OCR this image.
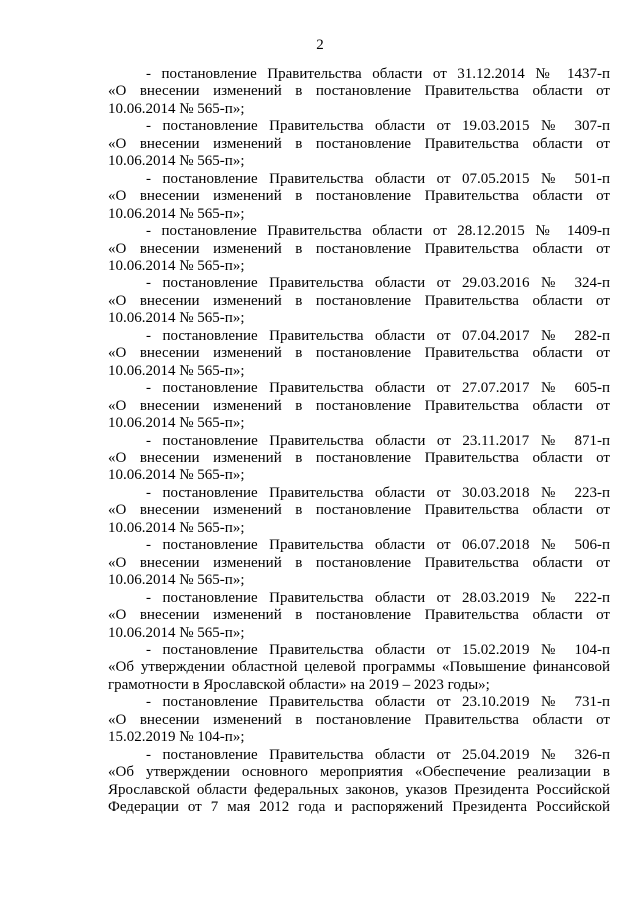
2

- постановление Правительства области от 31.12.2014 № 1437-п
«О внесении изменений в постановление Правительства области от
10.06.2014 № 565-п»;

- постановление Правительства области от 19.03.2015 № 307-п
«О внесении изменений в постановление Правительства области от
10.06.2014 № 565-п»;

- постановление Правительства области от 07.05.2015 № 501-п
«О внесении изменений в постановление Правительства области от
10.06.2014 № 565-п»;

- постановление Правительства области от 28.12.2015 № 1409-п
«О внесении изменений в постановление Правительства области от
10.06.2014 № 565-п»;

- постановление Правительства области от 29.03.2016 № 324-п
«О внесении изменений в постановление Правительства области от
10.06.2014 № 565-п»;

- постановление Правительства области от 07.04.2017 № 282-п
«О внесении изменений в постановление Правительства области от
10.06.2014 № 565-п»;

- постановление Правительства области от 27.07.2017 № 605-п
«О внесении изменений в постановление Правительства области от
10.06.2014 № 565-п»;

- постановление Правительства области от 23.11.2017 № 871-п
«О внесении изменений в постановление Правительства области от
10.06.2014 № 565-п»;

- постановление Правительства области от 30.03.2018 № 223-п
«О внесении изменений в постановление Правительства области от
10.06.2014 № 565-п»;

- постановление Правительства области от 06.07.2018 № 506-п
«О внесении изменений в постановление Правительства области от
10.06.2014 № 565-п»;

- постановление Правительства области от 28.03.2019 № 222-п
«О внесении изменений в постановление Правительства области от
10.06.2014 № 565-п»;

- постановление Правительства области от 15.02.2019 № 104-п
«Об утверждении областной целевой программы «Повышение финансовой
грамотности в Ярославской области» на 2019 – 2023 годы»;

- постановление Правительства области от 23.10.2019 № 731-п
«О внесении изменений в постановление Правительства области от
15.02.2019 № 104-п»;

- постановление Правительства области от 25.04.2019 № 326-п
«Об утверждении основного мероприятия «Обеспечение реализации в
Ярославской области федеральных законов, указов Президента Российской
Федерации от 7 мая 2012 года и распоряжений Президента Российской
